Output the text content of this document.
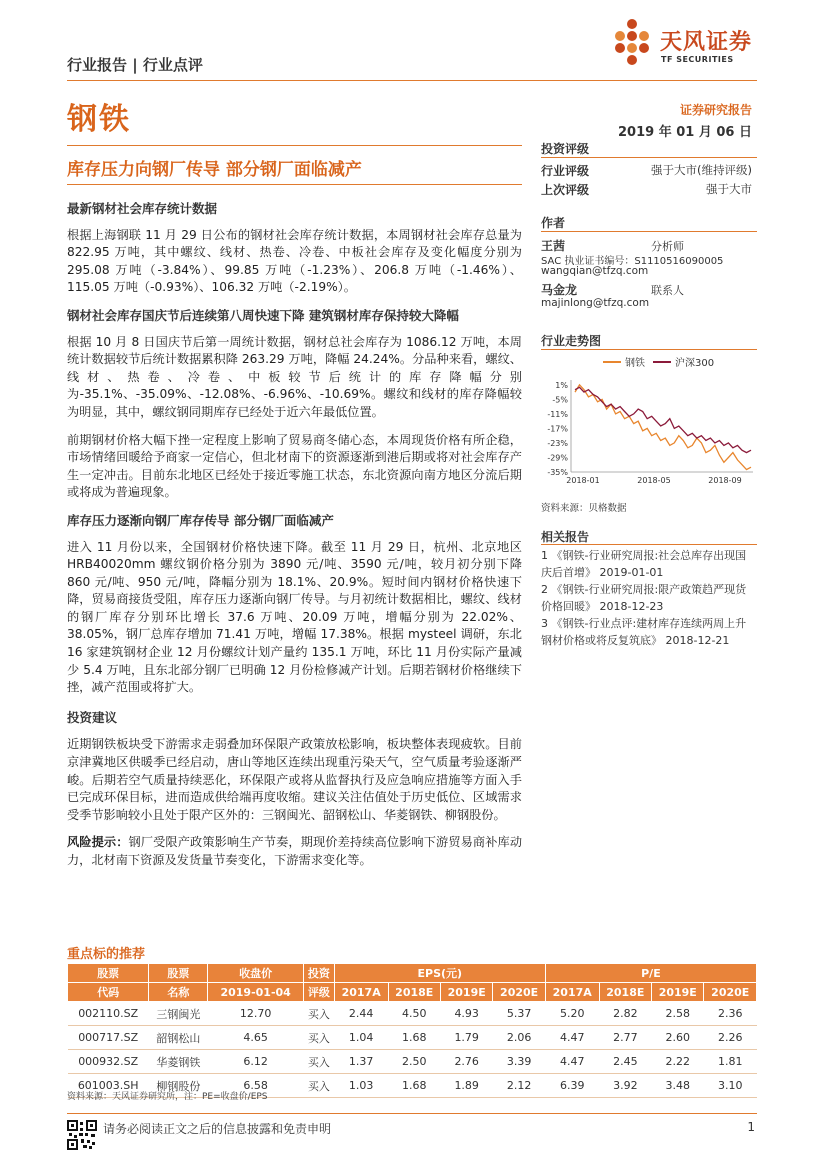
天风证券
TF SECURITIES
行业报告 | 行业点评
钢铁	证券研究报告
2019 年 01 月 06 日
库存压力向钢厂传导 部分钢厂面临减产

最新钢材社会库存统计数据

根据上海钢联 11 月 29 日公布的钢材社会库存统计数据，本周钢材社会库存总量为 822.95 万吨，其中螺纹、线材、热卷、冷卷、中板社会库存及变化幅度分别为 295.08 万吨（-3.84%）、99.85 万吨（-1.23%）、206.8 万吨（-1.46%）、115.05 万吨（-0.93%）、106.32 万吨（-2.19%）。

钢材社会库存国庆节后连续第八周快速下降 建筑钢材库存保持较大降幅

根据 10 月 8 日国庆节后第一周统计数据，钢材总社会库存为 1086.12 万吨，本周统计数据较节后统计数据累积降 263.29 万吨，降幅 24.24%。分品种来看，螺纹、线材、热卷、冷卷、中板较节后统计的库存降幅分别为-35.1%、-35.09%、-12.08%、-6.96%、-10.69%。螺纹和线材的库存降幅较为明显，其中，螺纹钢同期库存已经处于近六年最低位置。

前期钢材价格大幅下挫一定程度上影响了贸易商冬储心态，本周现货价格有所企稳，市场情绪回暖给予商家一定信心，但北材南下的资源逐渐到港后期或将对社会库存产生一定冲击。目前东北地区已经处于接近零施工状态，东北资源向南方地区分流后期或将成为普遍现象。

库存压力逐渐向钢厂库存传导 部分钢厂面临减产

进入 11 月份以来，全国钢材价格快速下降。截至 11 月 29 日，杭州、北京地区 HRB40020mm 螺纹钢价格分别为 3890 元/吨、3590 元/吨，较月初分别下降 860 元/吨、950 元/吨，降幅分别为 18.1%、20.9%。短时间内钢材价格快速下降，贸易商接货受阻，库存压力逐渐向钢厂传导。与月初统计数据相比，螺纹、线材的钢厂库存分别环比增长 37.6 万吨、20.09 万吨，增幅分别为 22.02%、38.05%，钢厂总库存增加 71.41 万吨，增幅 17.38%。根据 mysteel 调研，东北 16 家建筑钢材企业 12 月份螺纹计划产量约 135.1 万吨，环比 11 月份实际产量减少 5.4 万吨，且东北部分钢厂已明确 12 月份检修减产计划。后期若钢材价格继续下挫，减产范围或将扩大。

投资建议

近期钢铁板块受下游需求走弱叠加环保限产政策放松影响，板块整体表现疲软。目前京津冀地区供暖季已经启动，唐山等地区连续出现重污染天气，空气质量考验逐渐严峻。后期若空气质量持续恶化，环保限产或将从监督执行及应急响应措施等方面入手已完成环保目标，进而造成供给端再度收缩。建议关注估值处于历史低位、区域需求受季节影响较小且处于限产区外的：三钢闽光、韶钢松山、华菱钢铁、柳钢股份。

风险提示：钢厂受限产政策影响生产节奏，期现价差持续高位影响下游贸易商补库动力，北材南下资源及发货量节奏变化，下游需求变化等。

投资评级
行业评级	强于大市(维持评级)
上次评级	强于大市
作者
王茜	分析师
SAC 执业证书编号：S1110516090005
wangqian@tfzq.com
马金龙	联系人
majinlong@tfzq.com
行业走势图
钢铁	沪深300
1%
-5%
-11%
-17%
-23%
-29%
-35%
2018-01	2018-05	2018-09
资料来源：贝格数据
相关报告
1 《钢铁-行业研究周报:社会总库存出现国庆后首增》 2019-01-01
2 《钢铁-行业研究周报:限产政策趋严现货价格回暖》 2018-12-23
3 《钢铁-行业点评:建材库存连续两周上升 钢材价格或将反复筑底》 2018-12-21
重点标的推荐
股票	股票	收盘价	投资	EPS(元)				P/E			
代码	名称	2019-01-04	评级	2017A	2018E	2019E	2020E	2017A	2018E	2019E	2020E
002110.SZ	三钢闽光	12.70	买入	2.44	4.50	4.93	5.37	5.20	2.82	2.58	2.36
000717.SZ	韶钢松山	4.65	买入	1.04	1.68	1.79	2.06	4.47	2.77	2.60	2.26
000932.SZ	华菱钢铁	6.12	买入	1.37	2.50	2.76	3.39	4.47	2.45	2.22	1.81
601003.SH	柳钢股份	6.58	买入	1.03	1.68	1.89	2.12	6.39	3.92	3.48	3.10
资料来源：天风证券研究所，注：PE=收盘价/EPS
请务必阅读正文之后的信息披露和免责申明	1
